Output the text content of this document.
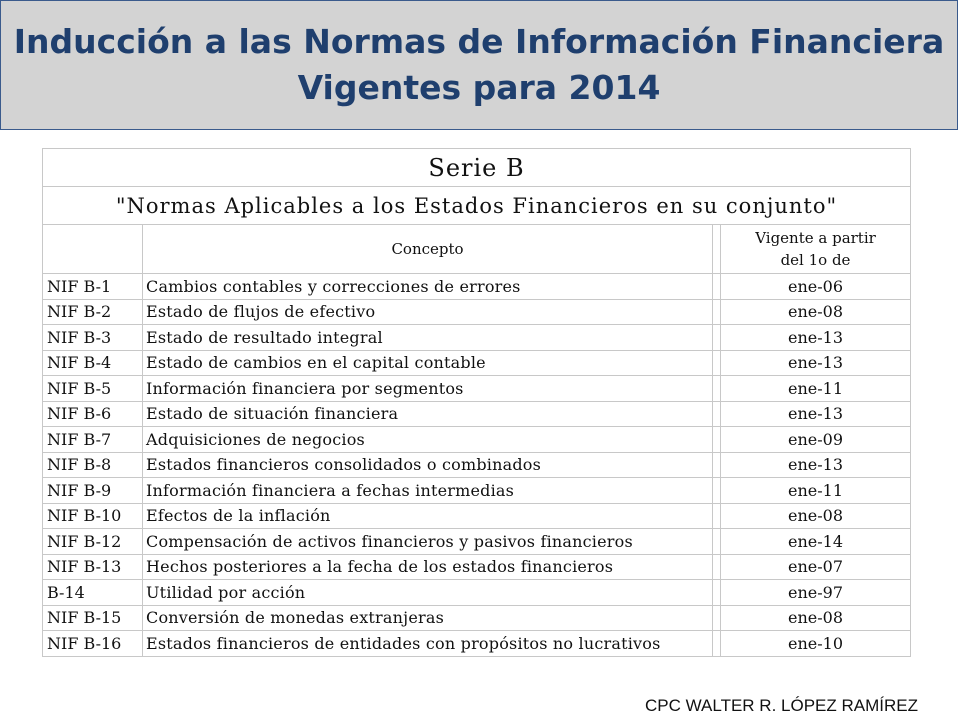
Inducción a las Normas de Información Financiera
Vigentes para 2014
Serie B			
"Normas Aplicables a los Estados Financieros en su conjunto"			
	Concepto		Vigente a partir
del 1o de

NIF B-1	Cambios contables y correcciones de errores		ene-06
NIF B-2	Estado de flujos de efectivo		ene-08
NIF B-3	Estado de resultado integral		ene-13
NIF B-4	Estado de cambios en el capital contable		ene-13
NIF B-5	Información financiera por segmentos		ene-11
NIF B-6	Estado de situación financiera		ene-13
NIF B-7	Adquisiciones de negocios		ene-09
NIF B-8	Estados financieros consolidados o combinados		ene-13
NIF B-9	Información financiera a fechas intermedias		ene-11
NIF B-10	Efectos de la inflación		ene-08
NIF B-12	Compensación de activos financieros y pasivos financieros		ene-14
NIF B-13	Hechos posteriores a la fecha de los estados financieros		ene-07
B-14	Utilidad por acción		ene-97
NIF B-15	Conversión de monedas extranjeras		ene-08
NIF B-16	Estados financieros de entidades con propósitos no lucrativos		ene-10
CPC WALTER R. LÓPEZ RAMÍREZ
